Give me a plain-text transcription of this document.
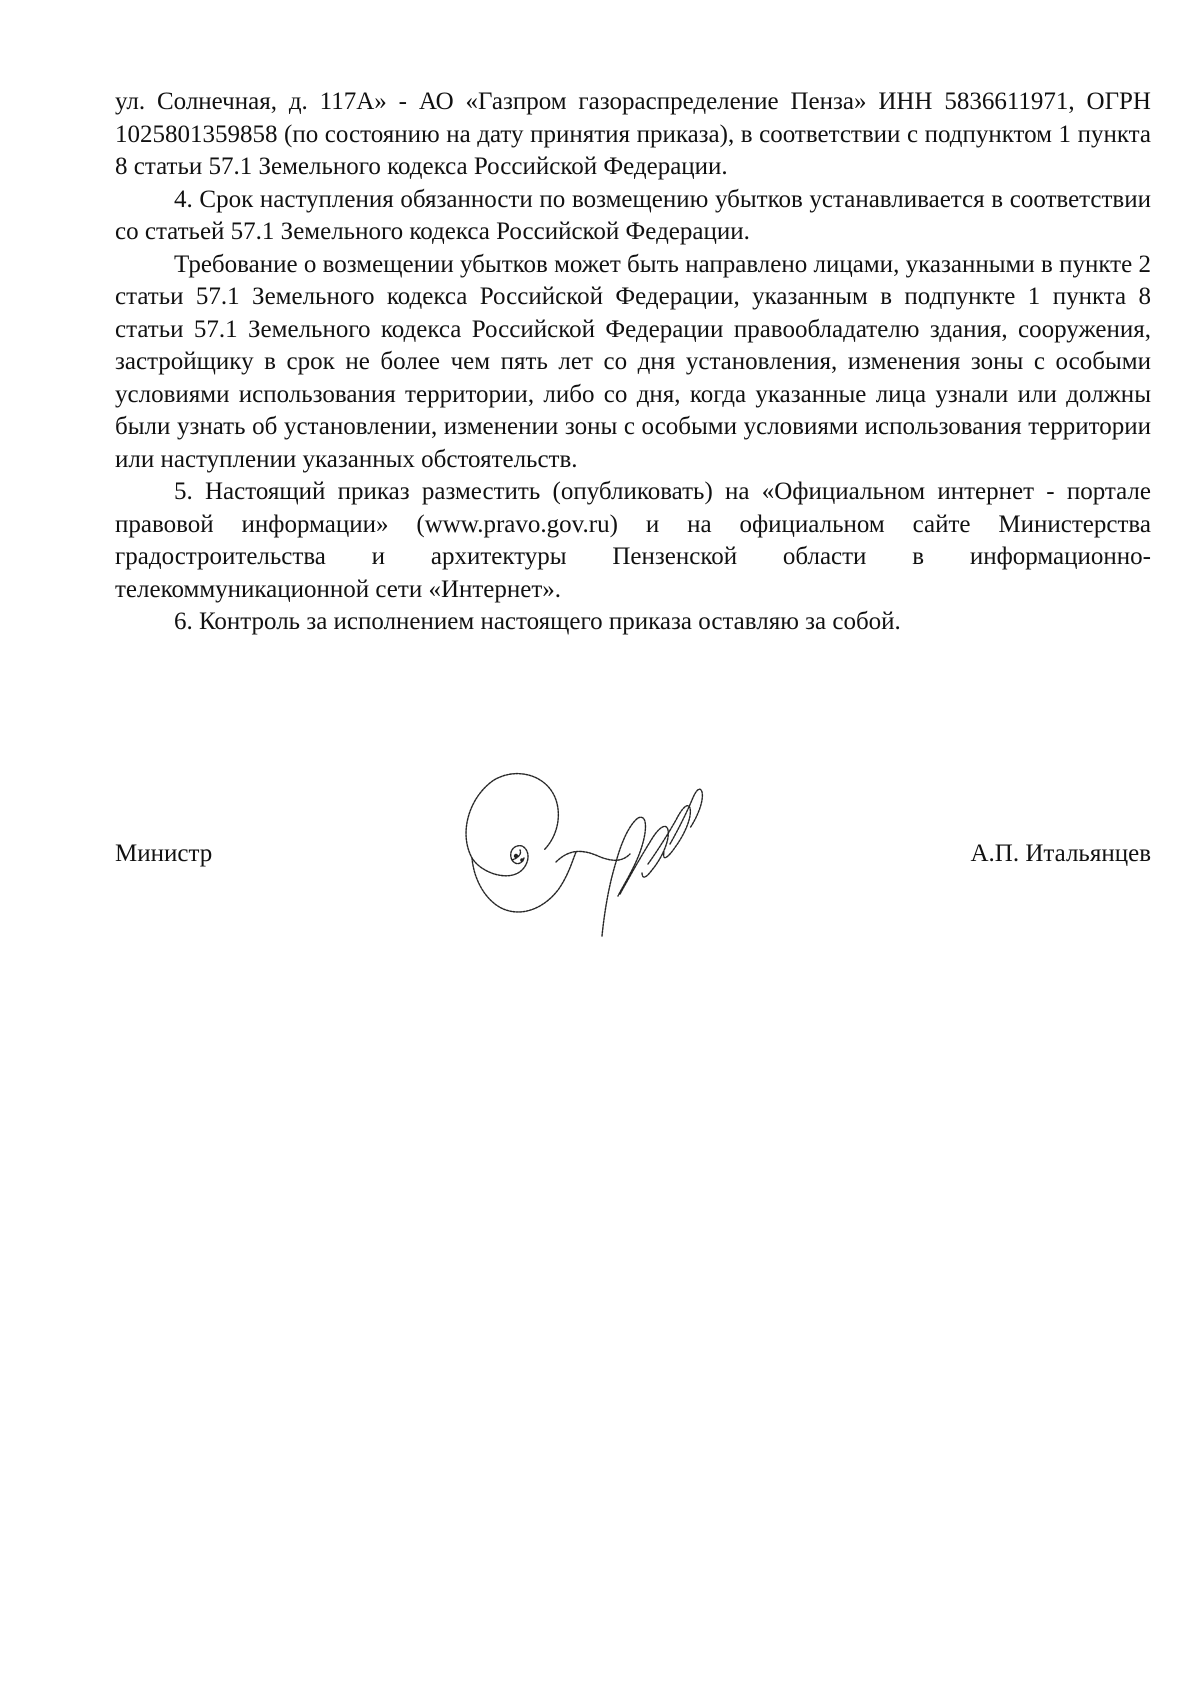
ул. Солнечная, д. 117А» - АО «Газпром газораспределение Пенза» ИНН 5836611971, ОГРН 1025801359858 (по состоянию на дату принятия приказа), в соответствии с подпунктом 1 пункта 8 статьи 57.1 Земельного кодекса Российской Федерации.

4. Срок наступления обязанности по возмещению убытков устанавливается в соответствии со статьей 57.1 Земельного кодекса Российской Федерации.

Требование о возмещении убытков может быть направлено лицами, указанными в пункте 2 статьи 57.1 Земельного кодекса Российской Федерации, указанным в подпункте 1 пункта 8 статьи 57.1 Земельного кодекса Российской Федерации правообладателю здания, сооружения, застройщику в срок не более чем пять лет со дня установления, изменения зоны с особыми условиями использования территории, либо со дня, когда указанные лица узнали или должны были узнать об установлении, изменении зоны с особыми условиями использования территории или наступлении указанных обстоятельств.

5. Настоящий приказ разместить (опубликовать) на «Официальном интернет - портале правовой информации» (www.pravo.gov.ru) и на официальном сайте Министерства градостроительства и архитектуры Пензенской области в информационно-телекоммуникационной сети «Интернет».

6. Контроль за исполнением настоящего приказа оставляю за собой.

Министр	А.П. Итальянцев
